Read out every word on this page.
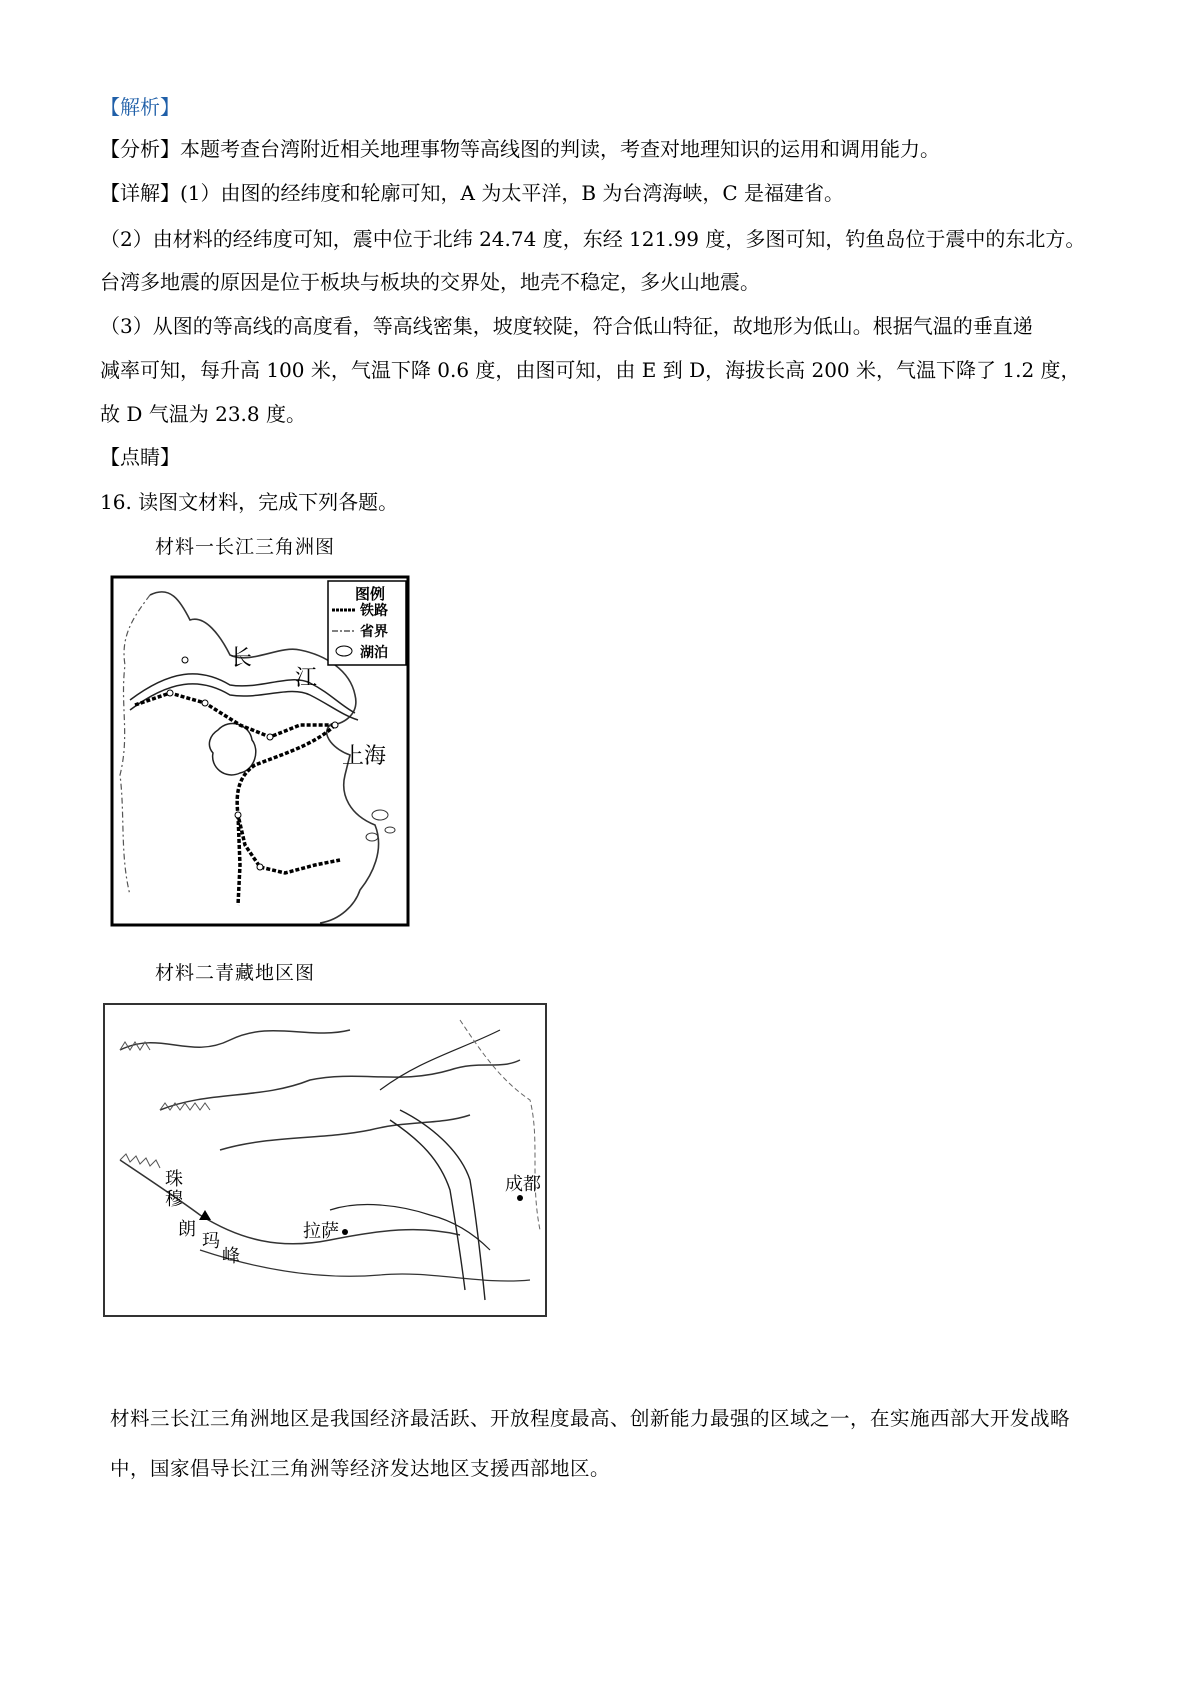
【解析】
【分析】本题考查台湾附近相关地理事物等高线图的判读，考查对地理知识的运用和调用能力。
【详解】(1）由图的经纬度和轮廓可知，A 为太平洋，B 为台湾海峡，C 是福建省。
（2）由材料的经纬度可知，震中位于北纬 24.74 度，东经 121.99 度，多图可知，钓鱼岛位于震中的东北方。
台湾多地震的原因是位于板块与板块的交界处，地壳不稳定，多火山地震。
（3）从图的等高线的高度看，等高线密集，坡度较陡，符合低山特征，故地形为低山。根据气温的垂直递
减率可知，每升高 100 米，气温下降 0.6 度，由图可知，由 E 到 D，海拔长高 200 米，气温下降了 1.2 度，
故 D 气温为 23.8 度。
【点睛】
16. 读图文材料，完成下列各题。
材料一长江三角洲图
图例
铁路
省界
湖泊
长
江
上海
材料二青藏地区图
珠
穆
朗
玛
峰
拉萨
成都
材料三长江三角洲地区是我国经济最活跃、开放程度最高、创新能力最强的区域之一，在实施西部大开发战略中，国家倡导长江三角洲等经济发达地区支援西部地区。
